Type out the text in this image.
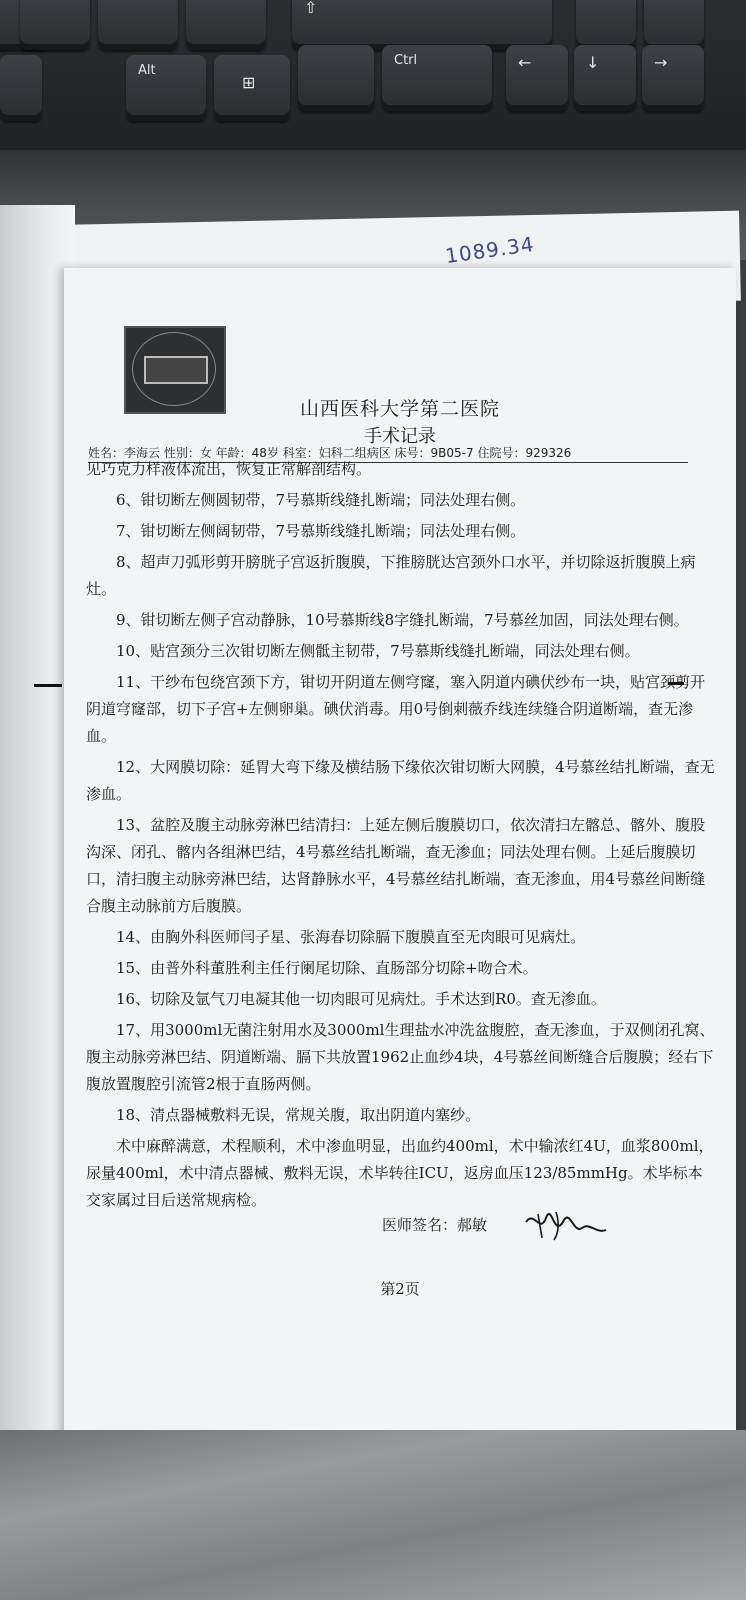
⇧
Alt
⊞
Ctrl	←	↓	→
1089.34
山西医科大学第二医院
手术记录
姓名：李海云 性别：女 年龄：48岁 科室：妇科二组病区 床号：9B05-7 住院号：929326

见巧克力样液体流出，恢复正常解剖结构。

6、钳切断左侧圆韧带，7号慕斯线缝扎断端；同法处理右侧。

7、钳切断左侧阔韧带，7号慕斯线缝扎断端；同法处理右侧。

8、超声刀弧形剪开膀胱子宫返折腹膜，下推膀胱达宫颈外口水平，并切除返折腹膜上病灶。

9、钳切断左侧子宫动静脉，10号慕斯线8字缝扎断端，7号慕丝加固，同法处理右侧。

10、贴宫颈分三次钳切断左侧骶主韧带，7号慕斯线缝扎断端，同法处理右侧。

11、干纱布包绕宫颈下方，钳切开阴道左侧穹窿，塞入阴道内碘伏纱布一块，贴宫颈剪开阴道穹窿部，切下子宫+左侧卵巢。碘伏消毒。用0号倒刺薇乔线连续缝合阴道断端，查无渗血。

12、大网膜切除：延胃大弯下缘及横结肠下缘依次钳切断大网膜，4号慕丝结扎断端，查无渗血。

13、盆腔及腹主动脉旁淋巴结清扫：上延左侧后腹膜切口，依次清扫左髂总、髂外、腹股沟深、闭孔、髂内各组淋巴结，4号慕丝结扎断端，查无渗血；同法处理右侧。上延后腹膜切口，清扫腹主动脉旁淋巴结，达肾静脉水平，4号慕丝结扎断端，查无渗血，用4号慕丝间断缝合腹主动脉前方后腹膜。

14、由胸外科医师闫子星、张海春切除膈下腹膜直至无肉眼可见病灶。

15、由普外科董胜利主任行阑尾切除、直肠部分切除+吻合术。

16、切除及氩气刀电凝其他一切肉眼可见病灶。手术达到R0。查无渗血。

17、用3000ml无菌注射用水及3000ml生理盐水冲洗盆腹腔，查无渗血，于双侧闭孔窝、腹主动脉旁淋巴结、阴道断端、膈下共放置1962止血纱4块，4号慕丝间断缝合后腹膜；经右下腹放置腹腔引流管2根于直肠两侧。

18、清点器械敷料无误，常规关腹，取出阴道内塞纱。

术中麻醉满意，术程顺利，术中渗血明显，出血约400ml，术中输浓红4U，血浆800ml，尿量400ml，术中清点器械、敷料无误，术毕转往ICU，返房血压123/85mmHg。术毕标本交家属过目后送常规病检。

医师签名：郝敏
第2页
